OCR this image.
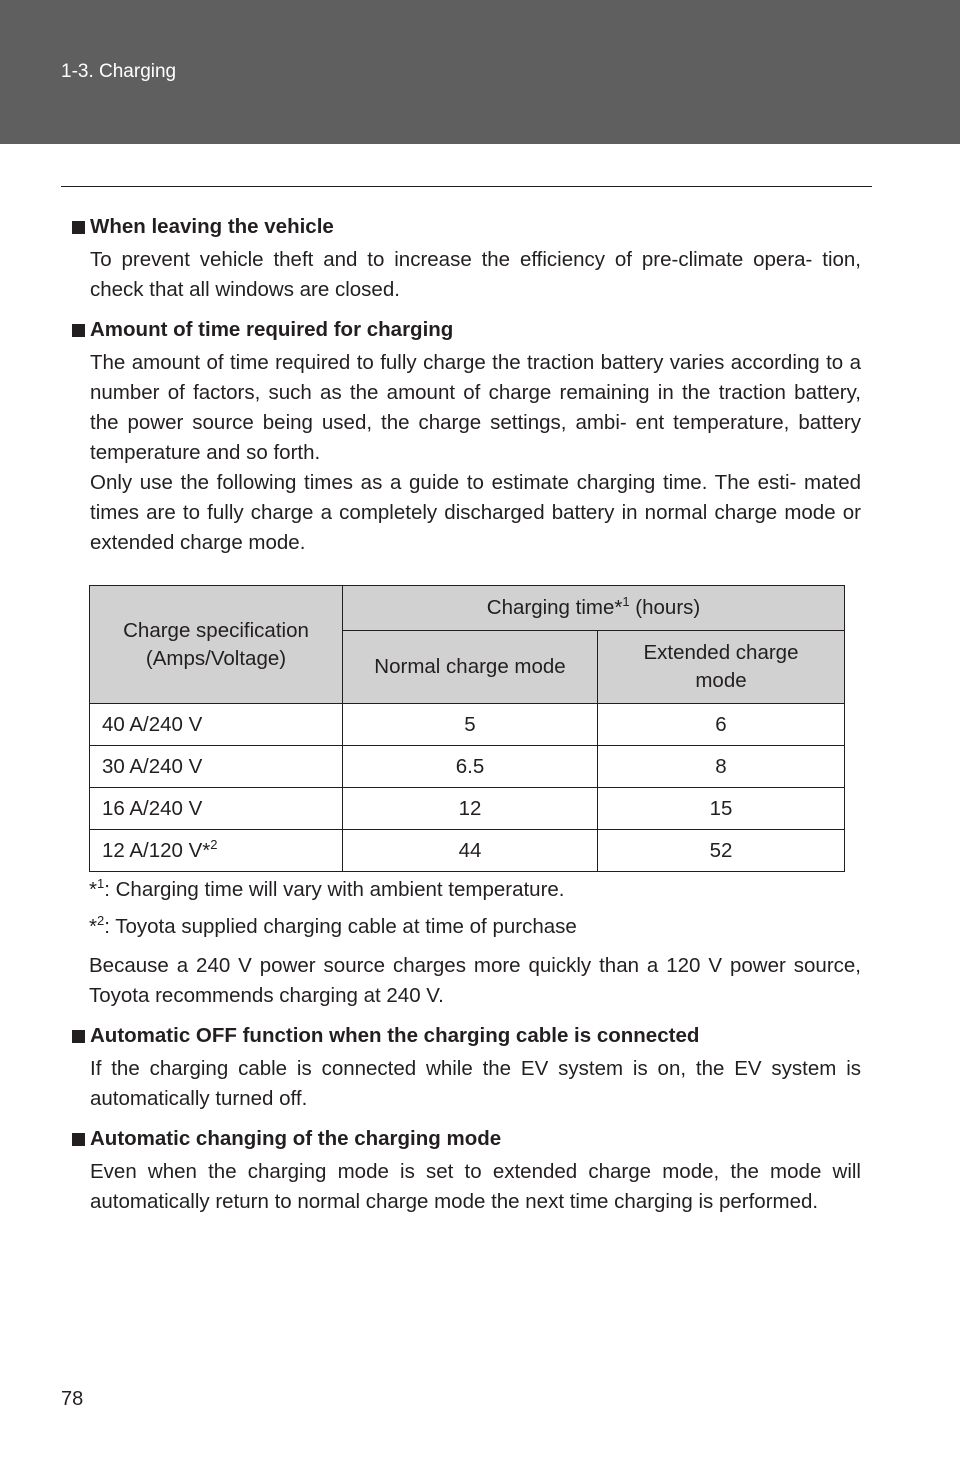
1-3. Charging
When leaving the vehicle

To prevent vehicle theft and to increase the efficiency of pre-climate opera- tion, check that all windows are closed.

Amount of time required for charging

The amount of time required to fully charge the traction battery varies according to a number of factors, such as the amount of charge remaining in the traction battery, the power source being used, the charge settings, ambi- ent temperature, battery temperature and so forth.

Only use the following times as a guide to estimate charging time. The esti- mated times are to fully charge a completely discharged battery in normal charge mode or extended charge mode.

Charge specification (Amps/Voltage)	Charging time*$^1$ (hours)	
	Normal charge mode	Extended charge mode
40 A/240 V	5	6
30 A/240 V	6.5	8
16 A/240 V	12	15
12 A/120 V*$^2$	44	52

*$^1$: Charging time will vary with ambient temperature.

*$^2$: Toyota supplied charging cable at time of purchase

Because a 240 V power source charges more quickly than a 120 V power source, Toyota recommends charging at 240 V.

Automatic OFF function when the charging cable is connected

If the charging cable is connected while the EV system is on, the EV system is automatically turned off.

Automatic changing of the charging mode

Even when the charging mode is set to extended charge mode, the mode will automatically return to normal charge mode the next time charging is performed.

78
